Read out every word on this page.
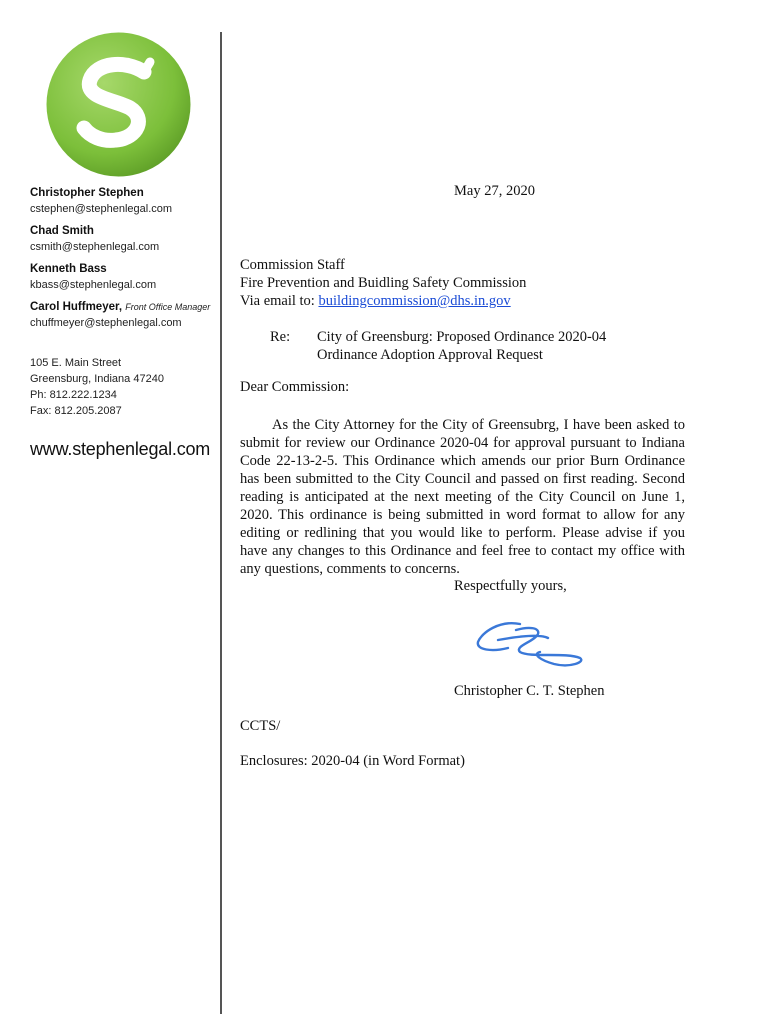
Christopher Stephen
cstephen@stephenlegal.com
Chad Smith
csmith@stephenlegal.com
Kenneth Bass
kbass@stephenlegal.com
Carol Huffmeyer, Front Office Manager
chuffmeyer@stephenlegal.com
105 E. Main Street
Greensburg, Indiana 47240
Ph: 812.222.1234
Fax: 812.205.2087
www.stephenlegal.com
May 27, 2020
Commission Staff
Fire Prevention and Buidling Safety Commission
Via email to: buildingcommission@dhs.in.gov
Re: City of Greensburg: Proposed Ordinance 2020-04
Ordinance Adoption Approval Request
Dear Commission:
As the City Attorney for the City of Greensubrg, I have been asked to submit for review our Ordinance 2020-04 for approval pursuant to Indiana Code 22-13-2-5. This Ordinance which amends our prior Burn Ordinance has been submitted to the City Council and passed on first reading. Second reading is anticipated at the next meeting of the City Council on June 1, 2020. This ordinance is being submitted in word format to allow for any editing or redlining that you would like to perform. Please advise if you have any changes to this Ordinance and feel free to contact my office with any questions, comments to concerns.
Respectfully yours,
Christopher C. T. Stephen
CCTS/
Enclosures: 2020-04 (in Word Format)
